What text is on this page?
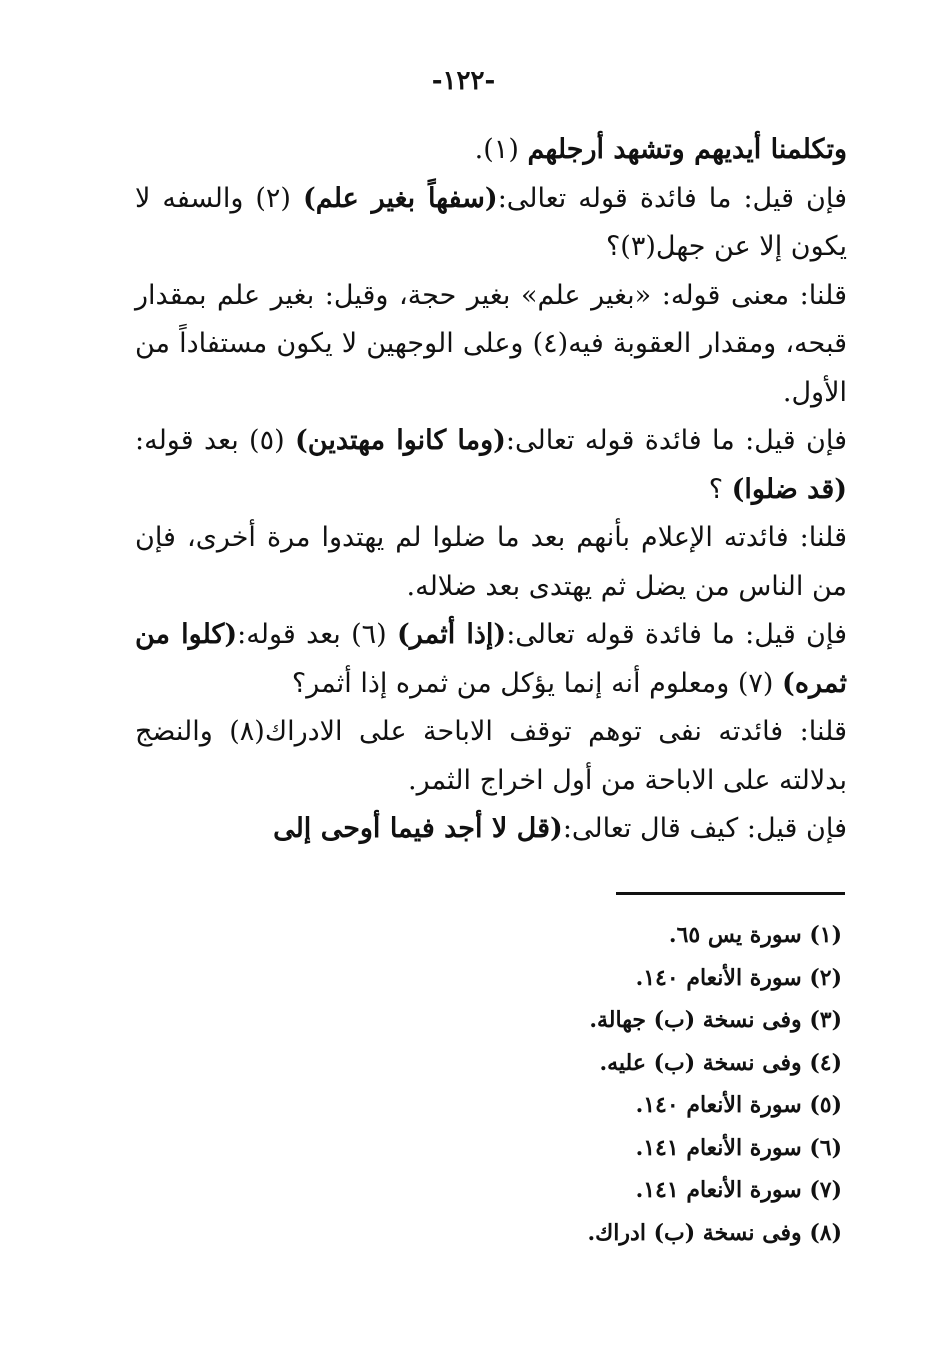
-١٢٢-

وتكلمنا أيديهم وتشهد أرجلهم (١).

فإن قيل: ما فائدة قوله تعالى:(سفهاً بغير علم) (٢) والسفه لا يكون إلا عن جهل(٣)؟

قلنا: معنى قوله: «بغير علم» بغير حجة، وقيل: بغير علم بمقدار قبحه، ومقدار العقوبة فيه(٤) وعلى الوجهين لا يكون مستفاداً من الأول.

فإن قيل: ما فائدة قوله تعالى:(وما كانوا مهتدين) (٥) بعد قوله:(قد ضلوا) ؟

قلنا: فائدته الإعلام بأنهم بعد ما ضلوا لم يهتدوا مرة أخرى، فإن من الناس من يضل ثم يهتدى بعد ضلاله.

فإن قيل: ما فائدة قوله تعالى:(إذا أثمر) (٦) بعد قوله:(كلوا من ثمره) (٧) ومعلوم أنه إنما يؤكل من ثمره إذا أثمر؟

قلنا: فائدته نفى توهم توقف الاباحة على الادراك(٨) والنضج بدلالته على الاباحة من أول اخراج الثمر.

فإن قيل: كيف قال تعالى:(قل لا أجد فيما أوحى إلى

(١) سورة يس ٦٥.
(٢) سورة الأنعام ١٤٠.
(٣) وفى نسخة (ب) جهالة.
(٤) وفى نسخة (ب) عليه.
(٥) سورة الأنعام ١٤٠.
(٦) سورة الأنعام ١٤١.
(٧) سورة الأنعام ١٤١.
(٨) وفى نسخة (ب) ادراك.
